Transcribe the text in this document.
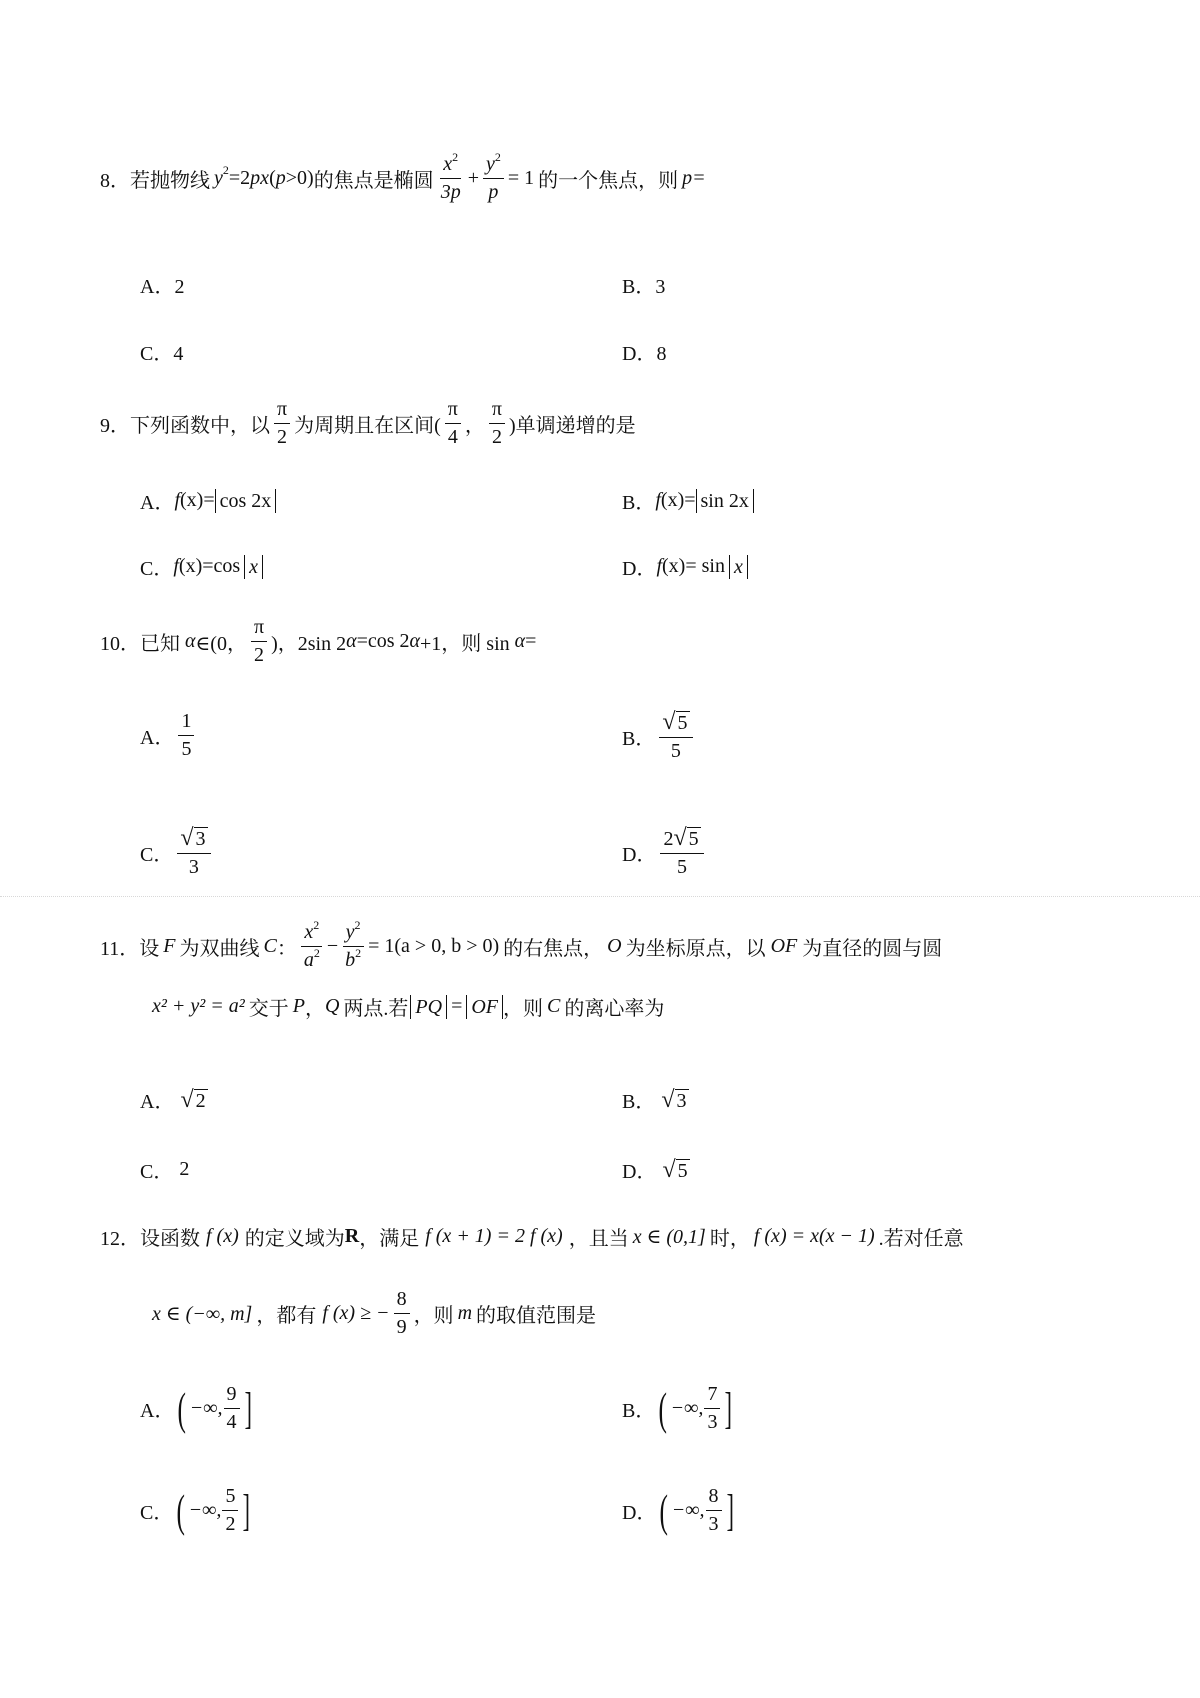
8． 若抛物线 $y^2=2px(p>0)$ 的焦点是椭圆 $\frac{x^2}{3p} + \frac{y^2}{p} = 1$ 的一个焦点，则 p=
A．2	B．3
C．4	D．8
9． 下列函数中，以 $\frac{\pi}{2}$ 为周期且在区间( $\frac{\pi}{4}$ ， $\frac{\pi}{2}$ )单调递增的是
A． f (x)= cos 2x	B． f (x)= sin 2x
C． f (x)=cos x	D． f (x)= sin x
10． 已知 α ∈(0， $\frac{\pi}{2}$ )，2sin 2 α =cos 2 α +1，则 sin α =
A． $\frac{1}{5}$	B． $\frac{√ 5}{5}$
C． $\frac{√ 3}{3}$	D． $\frac{2 √ 5}{5}$
11． 设 F 为双曲线 C ： $\frac{x^2}{a^2} - \frac{y^2}{b^2} = 1(a > 0$, b > 0) 的右焦点， O 为坐标原点，以 OF 为直径的圆与圆
x² + y² = a² 交于 P ， Q 两点.若 PQ = OF ，则 C 的离心率为
A． √ 2	B． √ 3
C． 2	D． √ 5
12． 设函数 f (x) 的定义域为 R ，满足 f (x + 1) = 2 f (x) ，且当 x ∈ (0,1] 时， f (x) = x(x − 1) .若对任意
x ∈ (−∞, m] ，都有 f (x) ≥ − $\frac{8}{9}$ ，则 m 的取值范围是
A． ( −∞, $\frac{9}{4}$ ]	B． ( −∞, $\frac{7}{3}$ ]
C． ( −∞, $\frac{5}{2}$ ]	D． ( −∞, $\frac{8}{3}$ ]
